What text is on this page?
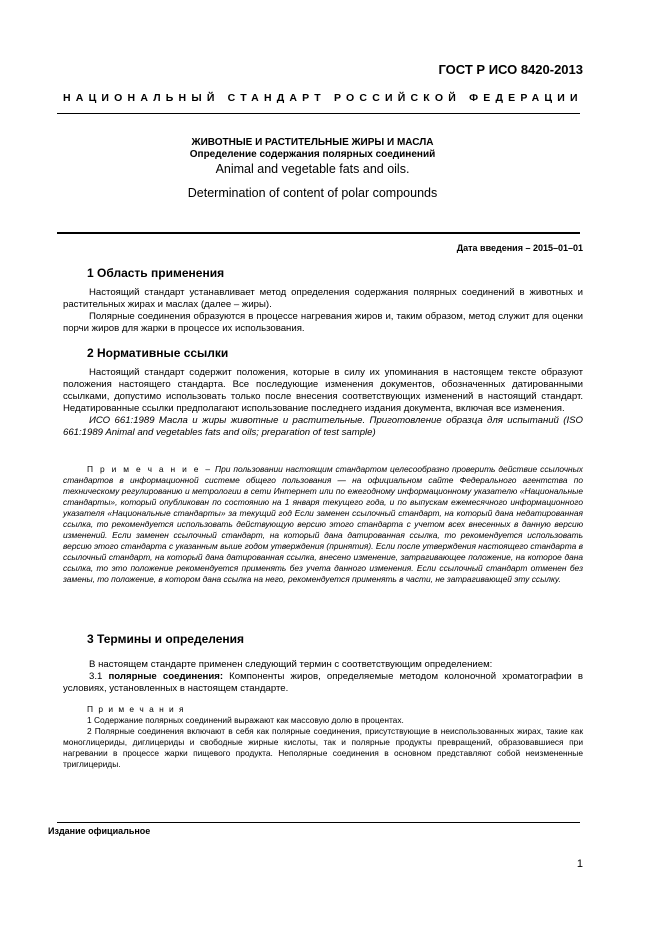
ГОСТ Р ИСО 8420-2013
НАЦИОНАЛЬНЫЙ СТАНДАРТ РОССИЙСКОЙ ФЕДЕРАЦИИ
ЖИВОТНЫЕ И РАСТИТЕЛЬНЫЕ ЖИРЫ И МАСЛА
Определение содержания полярных соединений
Animal and vegetable fats and oils.
Determination of content of polar compounds
Дата введения – 2015–01–01
1 Область применения

Настоящий стандарт устанавливает метод определения содержания полярных соединений в животных и растительных жирах и маслах (далее – жиры).

Полярные соединения образуются в процессе нагревания жиров и, таким образом, метод служит для оценки порчи жиров для жарки в процессе их использования.

2 Нормативные ссылки

Настоящий стандарт содержит положения, которые в силу их упоминания в настоящем тексте образуют положения настоящего стандарта. Все последующие изменения документов, обозначенных датированными ссылками, допустимо использовать только после внесения соответствующих изменений в настоящий стандарт. Недатированные ссылки предполагают использование последнего издания документа, включая все изменения.

ИСО 661:1989 Масла и жиры животные и растительные. Приготовление образца для испытаний (ISO 661:1989 Animal and vegetables fats and oils; preparation of test sample)

П р и м е ч а н и е – При пользовании настоящим стандартом целесообразно проверить действие ссылочных стандартов в информационной системе общего пользования — на официальном сайте Федерального агентства по техническому регулированию и метрологии в сети Интернет или по ежегодному информационному указателю «Национальные стандарты», который опубликован по состоянию на 1 января текущего года, и по выпускам ежемесячного информационного указателя «Национальные стандарты» за текущий год Если заменен ссылочный стандарт, на который дана недатированная ссылка, то рекомендуется использовать действующую версию этого стандарта с учетом всех внесенных в данную версию изменений. Если заменен ссылочный стандарт, на который дана датированная ссылка, то рекомендуется использовать версию этого стандарта с указанным выше годом утверждения (принятия). Если после утверждения настоящего стандарта в ссылочный стандарт, на который дана датированная ссылка, внесено изменение, затрагивающее положение, на которое дана ссылка, то это положение рекомендуется применять без учета данного изменения. Если ссылочный стандарт отменен без замены, то положение, в котором дана ссылка на него, рекомендуется применять в части, не затрагивающей эту ссылку.

3 Термины и определения

В настоящем стандарте применен следующий термин с соответствующим определением:

3.1 полярные соединения: Компоненты жиров, определяемые методом колоночной хроматографии в условиях, установленных в настоящем стандарте.

П р и м е ч а н и я

1 Содержание полярных соединений выражают как массовую долю в процентах.

2 Полярные соединения включают в себя как полярные соединения, присутствующие в неиспользованных жирах, такие как моноглицериды, диглицериды и свободные жирные кислоты, так и полярные продукты превращений, образовавшиеся при нагревании в процессе жарки пищевого продукта. Неполярные соединения в основном представляют собой неизмененные триглицериды.

Издание официальное
1
